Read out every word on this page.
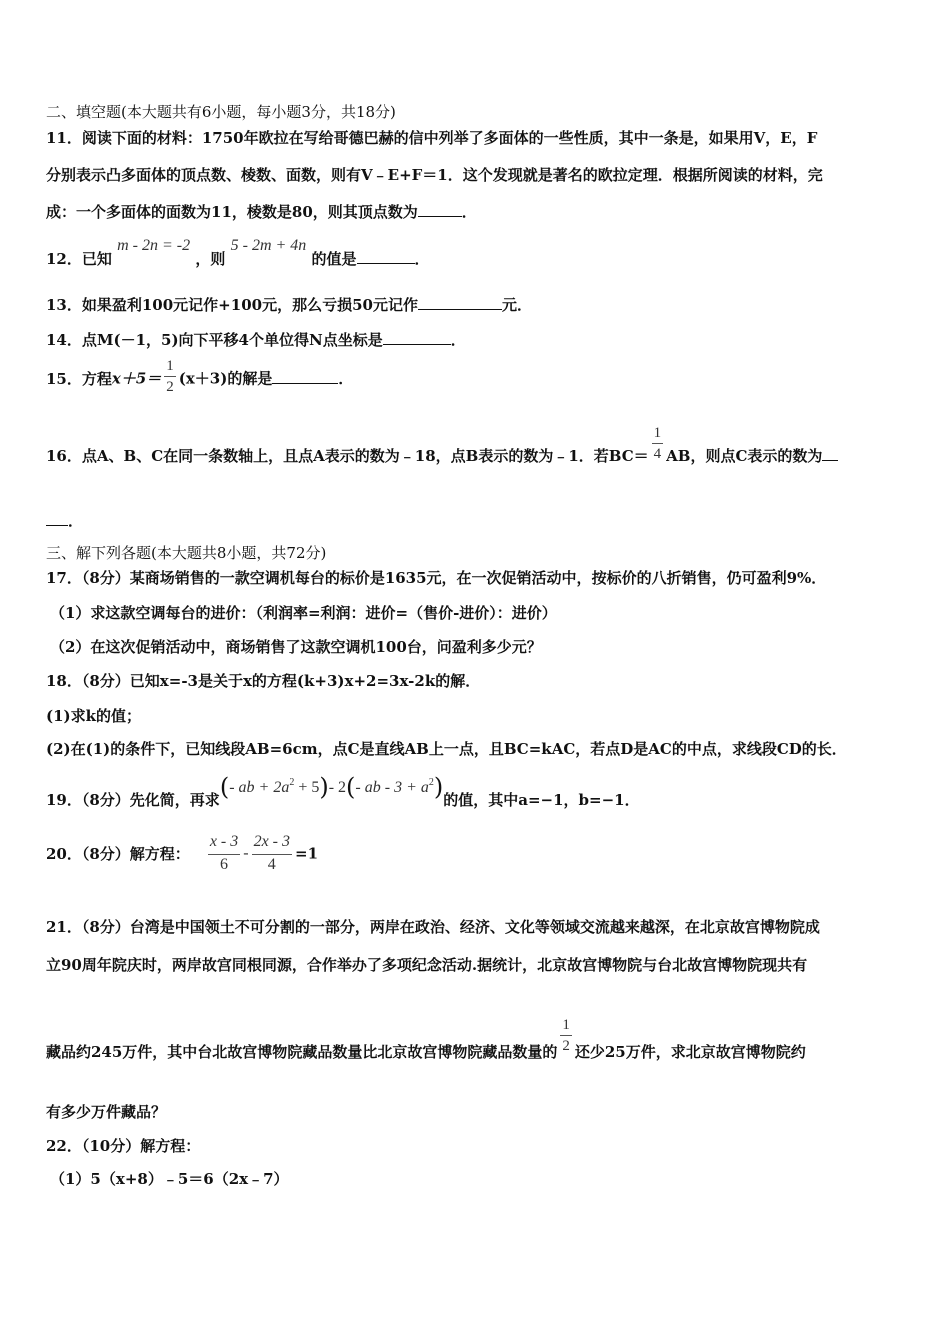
二、填空题(本大题共有6小题，每小题3分，共18分)
11．阅读下面的材料：1750年欧拉在写给哥德巴赫的信中列举了多面体的一些性质，其中一条是，如果用V，E，F
分别表示凸多面体的顶点数、棱数、面数，则有V﹣E+F＝1．这个发现就是著名的欧拉定理．根据所阅读的材料，完
成：一个多面体的面数为11，棱数是80，则其顶点数为	．
12．已知 m - 2n = -2 ，则 5 - 2m + 4n 的值是	．
13．如果盈利100元记作+100元，那么亏损50元记作	元．
14．点M(－1，5)向下平移4个单位得N点坐标是	．
15．方程$x+5= \frac{1}{2} (x+3)$的解是	．
16．点A、B、C在同一条数轴上，且点A表示的数为﹣18，点B表示的数为﹣1．若$BC= \frac{1}{4}$ AB，则点C表示的数为
．
三、解下列各题(本大题共8小题，共72分)
17．（8分）某商场销售的一款空调机每台的标价是1635元，在一次促销活动中，按标价的八折销售，仍可盈利9%．
（1）求这款空调每台的进价：（利润率=利润：进价=（售价-进价）：进价）
（2）在这次促销活动中，商场销售了这款空调机100台，问盈利多少元？
18．（8分）已知x=-3是关于x的方程(k+3)x+2=3x-2k的解．
(1)求k的值；
(2)在(1)的条件下，已知线段AB=6cm，点C是直线AB上一点，且BC=kAC，若点D是AC的中点，求线段CD的长．
19．（8分）先化简，再求(- ab + $2a^2 + 5)-$ 2(- ab - $3 + a^2$)的值，其中a=−1，b=−1．
20．（8分）解方程： $\frac{x - 3}{6} - \frac{2x - 3}{4} =1$
21．（8分）台湾是中国领土不可分割的一部分，两岸在政治、经济、文化等领域交流越来越深，在北京故宫博物院成
立90周年院庆时，两岸故宫同根同源，合作举办了多项纪念活动.据统计，北京故宫博物院与台北故宫博物院现共有
藏品约245万件，其中台北故宫博物院藏品数量比北京故宫博物院藏品数量的 $\frac{1}{2}$ 还少25万件，求北京故宫博物院约
有多少万件藏品？
22．（10分）解方程：
（1）5（x+8）﹣5＝6（2x﹣7）
